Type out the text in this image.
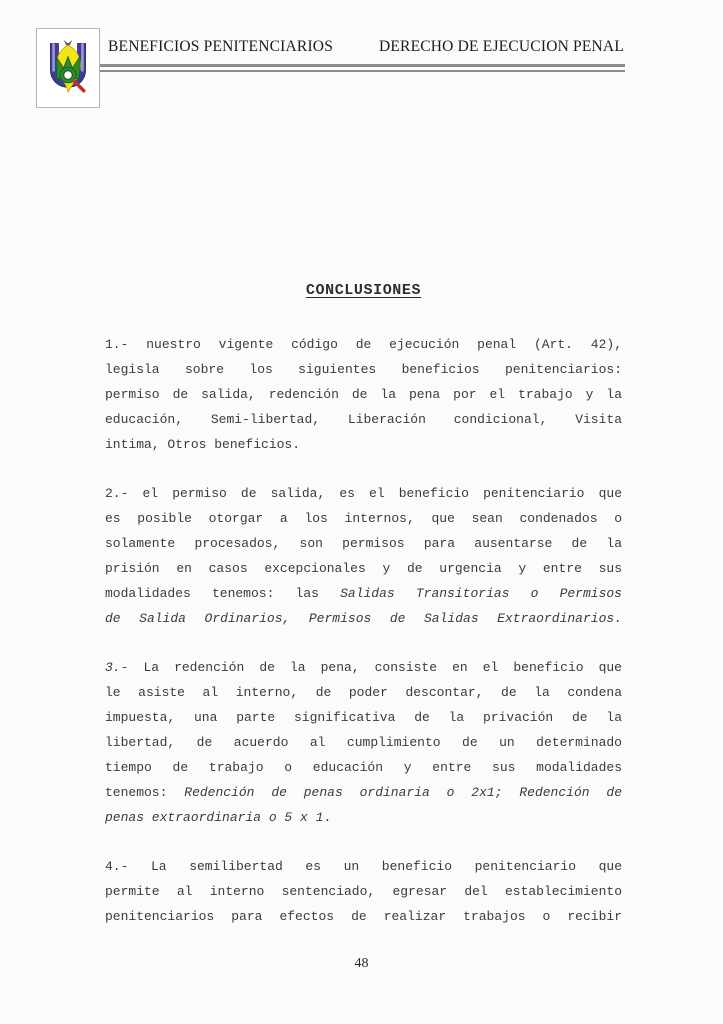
BENEFICIOS PENITENCIARIOS	DERECHO DE EJECUCION PENAL
CONCLUSIONES
1.- nuestro vigente código de ejecución penal (Art. 42),
legisla sobre los siguientes beneficios penitenciarios:
permiso de salida, redención de la pena por el trabajo y la
educación, Semi-libertad, Liberación condicional, Visita
intima, Otros beneficios.
2.- el permiso de salida, es el beneficio penitenciario que
es posible otorgar a los internos, que sean condenados o
solamente procesados, son permisos para ausentarse de la
prisión en casos excepcionales y de urgencia y entre sus
modalidades tenemos: las Salidas Transitorias o Permisos
de Salida Ordinarios, Permisos de Salidas Extraordinarios.
3.- La redención de la pena, consiste en el beneficio que
le asiste al interno, de poder descontar, de la condena
impuesta, una parte significativa de la privación de la
libertad, de acuerdo al cumplimiento de un determinado
tiempo de trabajo o educación y entre sus modalidades
tenemos: Redención de penas ordinaria o 2x1; Redención de
penas extraordinaria o 5 x 1.
4.- La semilibertad es un beneficio penitenciario que
permite al interno sentenciado, egresar del establecimiento
penitenciarios para efectos de realizar trabajos o recibir
48
